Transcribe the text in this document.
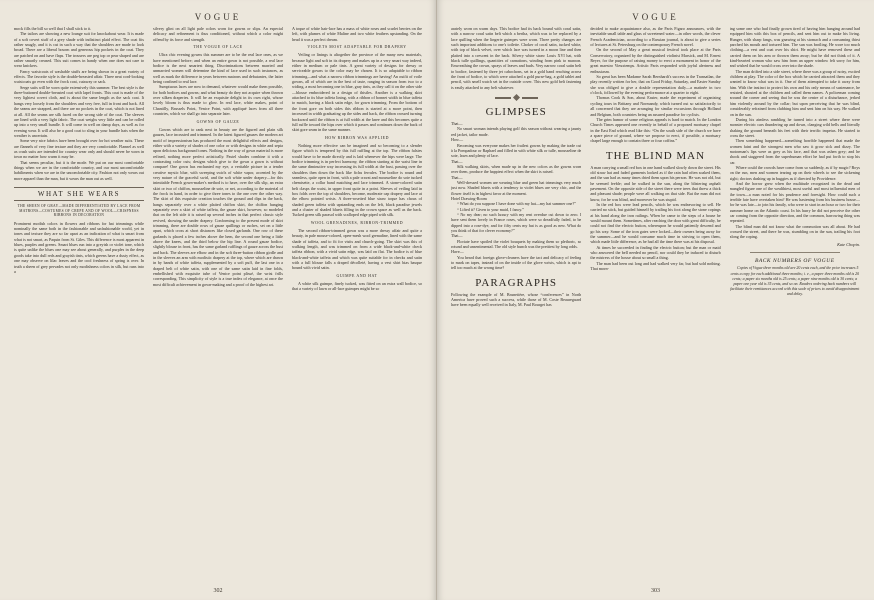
VOGUE

mock fills the bill so well that I shall stick to it.

The tailors are showing a new lounge suit for knockabout wear. It is made of a soft covert stuff of a grey shade with indistinct plaid effect. The coat fits rather snugly, and it is cut in such a way that the shoulders are made to look broad. There are a liberal bosom and generous hip pockets in the coat. They are patched on and have flaps. The trousers are peg top or pear shaped and are rather smartly creased. This suit comes in handy when one does not care to wear knickers.

Fancy waistcoats of washable stuffs are being shown in a great variety of effects. The favorite style is the double-breasted affair. Three neat cord-looking waistcoats go even with the frock coat, cutaway or sack.

Serge suits will be worn quite extensively this summer. The best style is the three-buttoned double-breasted coat with lapel fronts. This coat is made of the very lightest covert cloth, and is about the same length as the sack coat. It hangs very loosely from the shoulders and very free, full in front and back. All the seams are strapped, and there are no pockets in the coat, which is not lined at all. All the seams are silk faced on the wrong side of the coat. The sleeves are lined with a very light fabric. The coat weighs very little and can be rolled up into a very small bundle. It will come in well on damp days, as well as for evening wear. It will also be a good coat to sling in your bundle hats when the weather is uncertain.

Some very nice fabrics have been brought over for hot weather suits. These are flannels of very fine texture and they are very comfortable. Flannel as well as crash suits are intended for country wear only and should never be worn in town no matter how warm it may be.

That seems peculiar, but it is the mode. We put on our most comfortable things when we are in the comfortable country, and our most uncomfortable habiliments when we are in the uncomfortable city. Fashion not only wears out more apparel than the man, but it wears the man out as well.

WHAT SHE WEARS
THE SHEEN OF GRAY—MADE DIFFERENTIATED BY LACE FROM MATRONS—COSTUMES OF CREPE AND OF WOOL—CRISPNESS RIBBONS IN DECORATION

Prominent modish colors in flowers and ribbons for hat trimmings while nominally the same both in the fashionable and unfashionable world, yet in tones and texture they are so far apart as an indication of what is smart from what is not smart, as Paquin from St. Giles. This difference is most apparent in blues, purples and greens. Smart blues run into a greyish or violet tone, which is quite unlike the blues one may see about generally, and purples in the deep goods take into dull reds and grayish tints, which greens have a dusty effect, as one may observe on lilac leaves and the cool freshness of spring is over. In truth a sheen of grey pervades not only modishness colors in silk, but runs into a

silvery glint on all light pale colors worn for gowns or slips. An especial delicacy and refinement is thus conditioned, without which a color might offend by its force and strength.

THE VOGUE OF LACE

Ultra chic evening gowns this summer are to be the real lace ones, as we have mentioned before; and when an entire gown is not possible, a real lace bodice is the next smartest thing. Discriminations between married and unmarried women will determine the kind of lace used in such instances, as well as mark the difference in years between matrons and debutantes, the latter being confined to real lace.

Sumptuous laces are now in demand, whatever would make them possible, for both bodices and gowns; and what beauty do they not acquire when thrown over silken draperies. It will be an exquisite delight in its own right, whose lovely bloom is thus made to glow. In real lace, white makes, point of Chantilly, Brussels Point, Venice Point, with appliqué laces from all three countries, which we shall go into separate later.

GOWNS OF GAUZE

Gowns which are to rank next in beauty are the figured and plain silk gauzes, lace incrusted and trimmed. In the latest figured gauzes the modern art motif of impressionism has produced the most delightful effects and designs, either with a variety of shades of one color or with designs in white and sepia upon delicious background tones. Nothing in the way of gown material is more refined, nothing more perfect artistically. Pastel shades combine it with a contrasting color cuts; designs which give to the gown a gown is without compare! One gown has enchanted my eye, a veritable picture in a tender creative mystic blue, with sweeping swirls of white vapor, accented by the very nature of the graceful swirl, and the soft white under drapery—for this inimitable French gown-maker's method is to have, over the silk slip, an extra skirt or two of chiffon, mousseline de soie, or net, according to the material of the frock in hand, in order to give three tones to the one over the other way. The skirt of this exquisite creation touches the ground and dips in the back, hangs separately over a white plaited chiffon skirt, the chiffon hanging separately over a skirt of white taffeta, the gauze skirt, however, so modeled that on the left side it is raised up several inches in that perfect classic style revived, showing the under drapery. Conforming to the present mode of skirt trimming, there are double rows of gauze quillings or ruches, set on a little apart, which cross at short distances like closed garlands. One row of these garlands is placed a few inches above the hem, the second one being a little above the knees, and the third below the hip line. A round gauze bodice, slightly blouse in front, has the same garland rufflings of gauze across the bust and back. The sleeves are elbow and in the soft three-button ribbon girdle and in the sleeves an arm with modistic drapery at the top, where which are drawn in by bands of white taffeta, supplemented by a soft puff, the last one in a draped belt of white satin, with one of the same satin laid in fine folds, embellished with exquisite tube of Venice point plissé, the wrist frills corresponding. This simplicity of style is a true index of elegance, at once the most difficult achievement in gown-making and a proof of the highest art.

A toque of white hair-lace has a mass of white roses and scarlet berries on the left, with plumes of white Maline and two white feathers upstanding. On the head it was a perfect dream.

VIOLETS MOST ADAPTABLE FOR DRAPERY

Veiling or linings is altogether the province of the many new materials, because light and soft in its drapery and makes up in a very smart way indeed, either in medium or pale tints. A great variety of designs for dressy or serviceable gowns to the color may be chosen. It is so adaptable to ribbon trimming—and what a narrow ribbon trimmings are having! An outfit of voile gowns, all of which are in the best of taste, ranging in season from two to a widing, a most becoming one in blue, gray tints, as they call it on the other side—blouse embroidered in a design of thistles. Another is a walking skirt attached to its blue taffeta lining, with a ribbon of bonnet width in blue taffeta to match, having a black satin edge, for gown trimming. From the bottom of the front gore on both sides this ribbon is started at a more point, then increased in width graduating up the sides and back, the ribbon crossed turning backward until the ribbon is at full width at the knee and this becomes quite a full ruffle toward the hips over which it passes and continues down the back of skirt gore seam in the same manner.

HOW RIBBON WAS APPLIED

Nothing more effective can be imagined and so becoming to a slender figure which is tempered by this full ruffling at the top. The ribbon falsies would have to be made directly and is laid whenever the hips were large. The bodice trimming is in perfect harmony, the ribbon starting at the waist line in the same diminutive way increasing its full width at the bust, passing over the shoulders then down the back like fichu ferrules. The bodice is round and seamless, quite open in front, with a pale cravat and mousseline do soie tucked chemisette, a collar band matching and lace trimmed. A stone-colored satin belt clasps the waist, in upper front quite in a point. Sleeves of veiling laid in box folds over the top of shoulders, become, moderate cap drapery and lace at the elbow pointed wrists. A three-rosetted blue straw toque has chous of shaded green taffeta with upstanding ends on the left, black paradise jewels and a cluster of shaded bluets filling in the crown space as well as the back. Tucked green silk parasol with scalloped edge piped with silk.

WOOL GRENADINES, RIBBON-TRIMMED

The second ribbon-trimmed gown was a more dressy affair and quite a beauty, in pale mouse-colored, open-mesh wool grenadine, lined with the same shade of taffeta, and to fit for visits and church-going. The skirt was this of walking length, and was trimmed on from a wide black-and-white check taffeta ribbon, with a vivid satin edge, was laid on flat. The bodice is of blue black-and-white taffeta and which was quite suitable for in checks and satin with a full blouse falls a draped décolleté, having a vest shirt bias basque bound with vivid satin.

GUIMPE AND HAT

A white silk guimpe, finely tucked, was fitted on an extra wall bodice, so that a variety of lawn or all-lace guimpes might be so

302
VOGUE

arately worn on warm days. This bodice had its back bound with coral satin, with a narrow coral satin belt which a bertha, which was to be replaced by a lace quilling when the lingerie guimpes were worn. Three pretty changes are such important additions to one's toilette. Choker of coral satin, tucked white, with top of black velvet, over which lace was turned in a moon line and then plaited into a crescent in the back. Silvery white straw Louis XVI hat, with black tulle quillings, quantities of carnations, winding from pink to maroon. Enwreathing the crown, sprays of leaves and buds. Very narrow coral satin belt to bodice, fastened by three jet cabochons, set in a gold band reaching across the front of bodice, to which were attached a gold purse-bag, a gold tablet and pencil, with smell watch set in the outside cover. This new gold belt fastening is easily attached to any belt whatever.

GLIMPSES

That—

No smart woman intends playing golf this season without wearing a jaunty red jacket, tailor made.

How—

Becoming was everyone makes her frailest gowns by making the trade cut à la Pompadour or Raphael and filled in with white silk or tulle, mousseline de soie, lawn and plenty of lace.

That—

Silk walking skirts, when made up in the new colors as the gowns worn over them, produce the happiest effect when the skirt is raised.

That—

Well-dressed women are wearing blue and green hat trimmings very much just now. Shaded bluets with a tendency to violet blues are very chic, and the flower itself is in highest favor at the moment.

Hotel Drawing-Room

“ What do you suppose I have done with my hat—my hat summer one?”

“ Lifted it? Given to your maid, I fancy.”

“ No my dear; no such luxury with my rent overdue cut down to zero. I have sent them lovely in France roses, which were so dreadfully faded, to be dipped into a rose-dye, and for fifty cents my hat is as good as new. What do you think of that for clever economy?”

That—

Floriate have spoiled the violet bouquets by making them so plethoric, so rotund and unsentimental. The old style bunch was the prettiest by long odds.

Have—

You heard that foreign glove-cleaners have the tact and delicacy of feeling to mark on tapes, instead of on the inside of the glove wrists, which is apt to tell too much at the wrong time?

PARAGRAPHS

Following the example of M. Brunetière, whose “conferences” in North America have proved such a success, while those of M. Coste Beaureguard have been equally well received in Italy, M. Paul Bourget has

decided to make acquaintance also, as the Paris Figaro announces, with the inevitable small table and glass of sweetened water—in other words, the clever French Academician, according to a Russian journal, is about to give a series of lectures at St. Petersburg on the contemporary French novel.

On the second of May a great musical festival took place at the Paris Conservatory, organized by the distinguished violinist Marsick, and M. Ernest Reyer, for the purpose of raising money to erect a monument in honor of the great maestro Vieuxtemps. Artistic Paris responded with joyful alertness and enthusiasm.

So great has been Madame Sarah Bernhardt's success in the Transatlan, the play recently written for her, that on Good Friday, Saturday, and Easter Sunday she was obliged to give a double representation daily—a matinée in two o'clock, followed by the evening performance at a quarter to eight.

Thomas Cook & Son, about Easter, made the experiment of organizing cycling tours in Brittany and Normandy, which turned out so satisfactorily to all concerned that they are arranging for similar excursions through Holland and Belgium, both countries being an assured paradise for cyclists.

The grim humor of some religious appeals is hard to match. In the London Church Times appeared one recently in behalf of a proposed mortuary chapel in the East End which read like this: “On the south side of the church we have a spare piece of ground, where we propose to erect, if possible, a mortuary chapel large enough to contain three or four coffins.”

THE BLIND MAN

A man carrying a small red box in one hand walked slowly down the street. His old straw hat and faded garments looked as if the rain had often soaked them, and the sun had as many times dried them upon his person. He was not old, but he seemed feeble; and he walked in the sun, along the blistering asphalt pavement. On the opposite side of the street there were trees that threw a thick and pleasant shade; people were all walking on that side. But the man did not know, for he was blind, and moreover he was stupid.

In the red box were lead pencils, which he was endeavoring to sell. He carried no stick, but guided himself by trailing his foot along the stone copings at his hand along the iron railings. When he came to the steps of a house he would mount them. Sometimes, after reaching the door with great difficulty, he could not find the electric button, whereupon he would patiently descend and go his way. Some of the iron gates were locked—their owners being away for the summer—and he would consume much time in striving to open them, which made little difference, as he had all the time there was at his disposal.

At times he succeeded in finding the electric button; but the man or maid who answered the bell needed no pencil, nor could they be induced to disturb the mistress of the house about so small a thing.

The man had been out long and had walked very far, but had sold nothing. That morn-

ing some one who had finally grown tired of having him hanging around had equipped him with this box of pencils, and sent him out to make his living. Hunger, with sharp fangs, was gnawing at his stomach and a consuming thirst parched his mouth and tortured him. The sun was broiling. He wore too much clothing—a vest and coat over his shirt. He might have removed these and carried them on his arm or thrown them away; but he did not think of it. A kind-hearted woman who saw him from an upper window felt sorry for him, and wished that he would cross over into the shade.

The man drifted into a side street, where there was a group of noisy, excited children at play. The color of the box which he carried attracted them and they wanted to know what was in it. One of them attempted to take it away from him. With the instinct to protect his own and his only means of sustenance, he resisted, shouted at the children and called them names. A policeman coming around the corner and seeing that he was the centre of a disturbance, jerked him violently around by the collar; but upon perceiving that he was blind, considerably refrained from clubbing him and sent him on his way. He walked on in the sun.

During his aimless rambling he turned into a street where there were monster electric cars thundering up and down, clanging wild bells and literally shaking the ground beneath his feet with their terrific impetus. He started to cross the street.

Then something happened—something horrible happened that made the women faint and the strongest men who saw it grow sick and dizzy. The motorman's lips were as grey as his face, and that was ashen grey; and he shook and staggered from the superhuman effort he had put forth to stop his car.

Where could the crowds have come from so suddenly, as if by magic? Boys on the run, men and women tearing up on their wheels to see the sickening sight; doctors dashing up in buggies as if directed by Providence.

And the horror grew when the multitude recognized in the dead and mangled figure one of the wealthiest, most useful and most influential men of the town—a man noted for his prudence and foresight. How could such a terrible fate have overtaken him? He was hastening from his business house—for he was late—to join his family, who were to start in an hour or two for their summer home on the Atlantic coast. In his hurry he did not perceive the other car coming from the opposite direction, and the common, harrowing thing was repeated.

The blind man did not know what the commotion was all about. He had crossed the street, and there he was, stumbling on in the sun, trailing his foot along the coping.

Kate Chopin.
BACK NUMBERS OF VOGUE

Copies of Vogue three months old are 20 cents each, and the price increases 5 cents a copy for each additional three months; i. e., a paper three months old is 20 cents; a paper six months old is 25 cents; a paper nine months old is 30 cents; a paper one year old is 35 cents, and so on. Readers ordering back numbers will facilitate their remittances accord with this scale of prices to avoid disappointment and delay.

303
